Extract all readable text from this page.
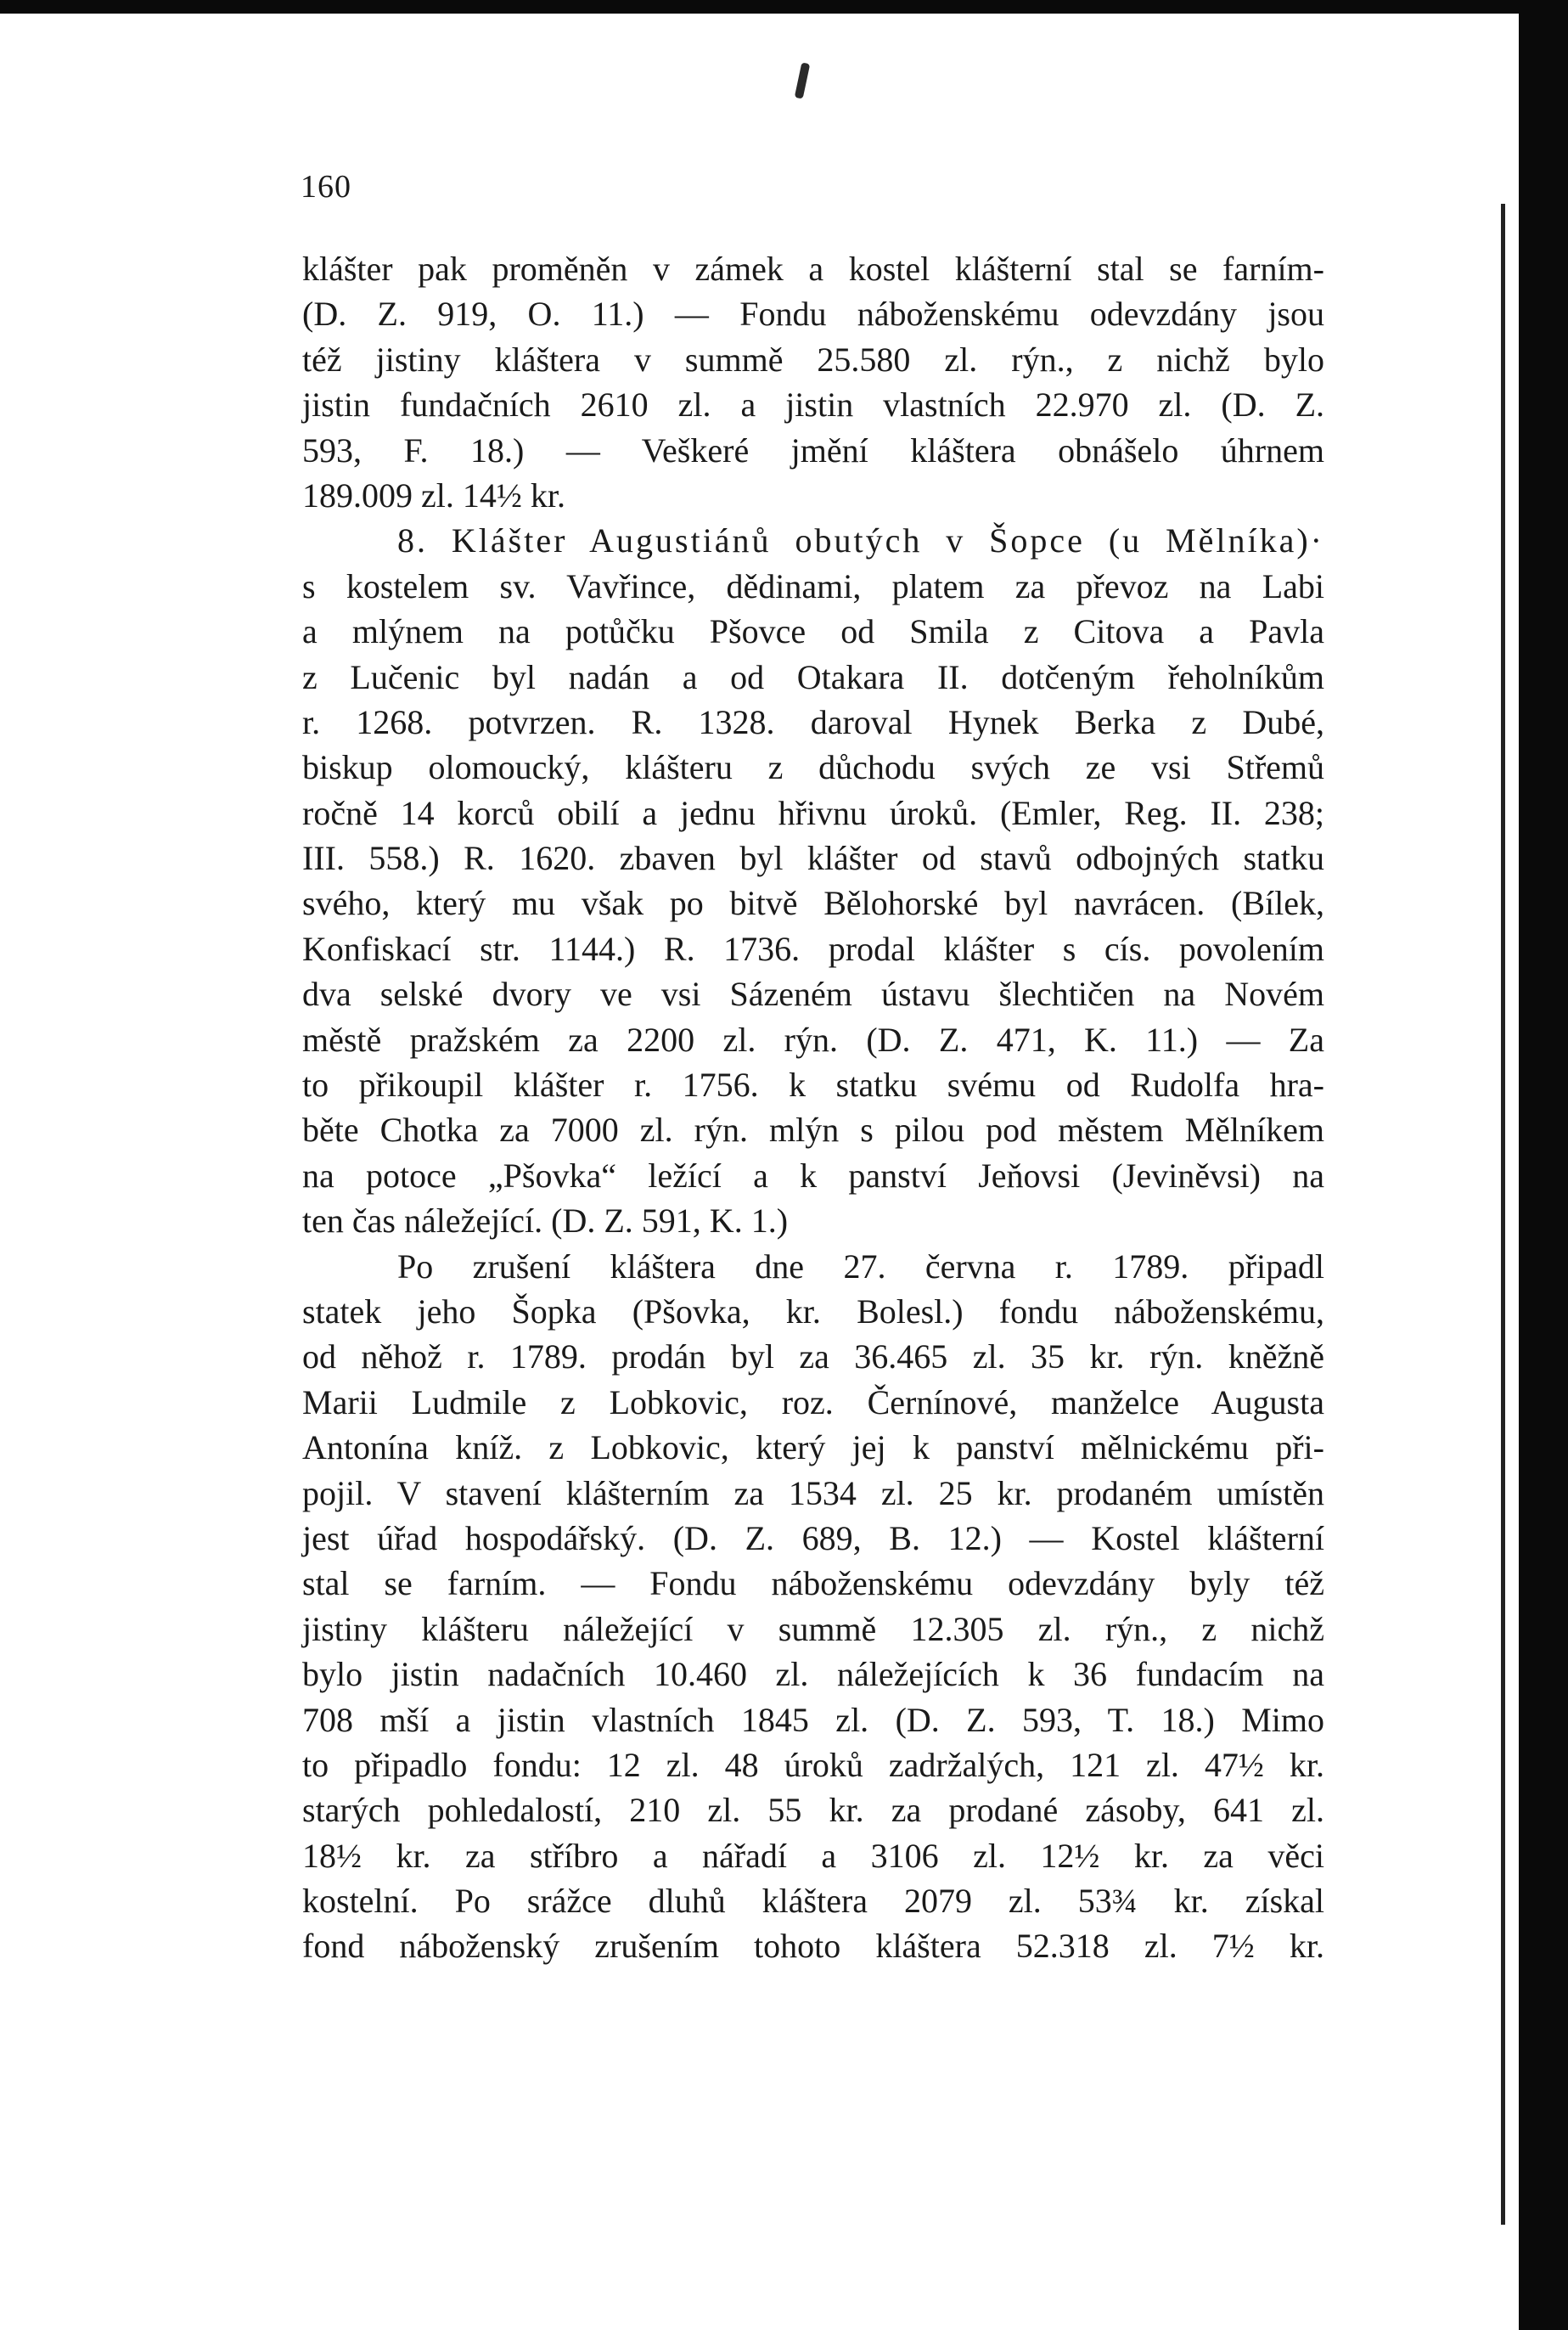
160
klášter pak proměněn v zámek a kostel klášterní stal se farním-
(D. Z. 919, O. 11.) — Fondu náboženskému odevzdány jsou
též jistiny kláštera v summě 25.580 zl. rýn., z nichž bylo
jistin fundačních 2610 zl. a jistin vlastních 22.970 zl. (D. Z.
593, F. 18.) — Veškeré jmění kláštera obnášelo úhrnem
189.009 zl. 14½ kr.
8. Klášter Augustiánů obutých v Šopce (u Mělníka)·
s kostelem sv. Vavřince, dědinami, platem za převoz na Labi
a mlýnem na potůčku Pšovce od Smila z Citova a Pavla
z Lučenic byl nadán a od Otakara II. dotčeným řeholníkům
r. 1268. potvrzen. R. 1328. daroval Hynek Berka z Dubé,
biskup olomoucký, klášteru z důchodu svých ze vsi Střemů
ročně 14 korců obilí a jednu hřivnu úroků. (Emler, Reg. II. 238;
III. 558.) R. 1620. zbaven byl klášter od stavů odbojných statku
svého, který mu však po bitvě Bělohorské byl navrácen. (Bílek,
Konfiskací str. 1144.) R. 1736. prodal klášter s cís. povolením
dva selské dvory ve vsi Sázeném ústavu šlechtičen na Novém
městě pražském za 2200 zl. rýn. (D. Z. 471, K. 11.) — Za
to přikoupil klášter r. 1756. k statku svému od Rudolfa hra-
běte Chotka za 7000 zl. rýn. mlýn s pilou pod městem Mělníkem
na potoce „Pšovka“ ležící a k panství Jeňovsi (Jeviněvsi) na
ten čas náležející. (D. Z. 591, K. 1.)
Po zrušení kláštera dne 27. června r. 1789. připadl
statek jeho Šopka (Pšovka, kr. Bolesl.) fondu náboženskému,
od něhož r. 1789. prodán byl za 36.465 zl. 35 kr. rýn. kněžně
Marii Ludmile z Lobkovic, roz. Černínové, manželce Augusta
Antonína kníž. z Lobkovic, který jej k panství mělnickému při-
pojil. V stavení klášterním za 1534 zl. 25 kr. prodaném umístěn
jest úřad hospodářský. (D. Z. 689, B. 12.) — Kostel klášterní
stal se farním. — Fondu náboženskému odevzdány byly též
jistiny klášteru náležející v summě 12.305 zl. rýn., z nichž
bylo jistin nadačních 10.460 zl. náležejících k 36 fundacím na
708 mší a jistin vlastních 1845 zl. (D. Z. 593, T. 18.) Mimo
to připadlo fondu: 12 zl. 48 úroků zadržalých, 121 zl. 47½ kr.
starých pohledalostí, 210 zl. 55 kr. za prodané zásoby, 641 zl.
18½ kr. za stříbro a nářadí a 3106 zl. 12½ kr. za věci
kostelní. Po srážce dluhů kláštera 2079 zl. 53¾ kr. získal
fond náboženský zrušením tohoto kláštera 52.318 zl. 7½ kr.
